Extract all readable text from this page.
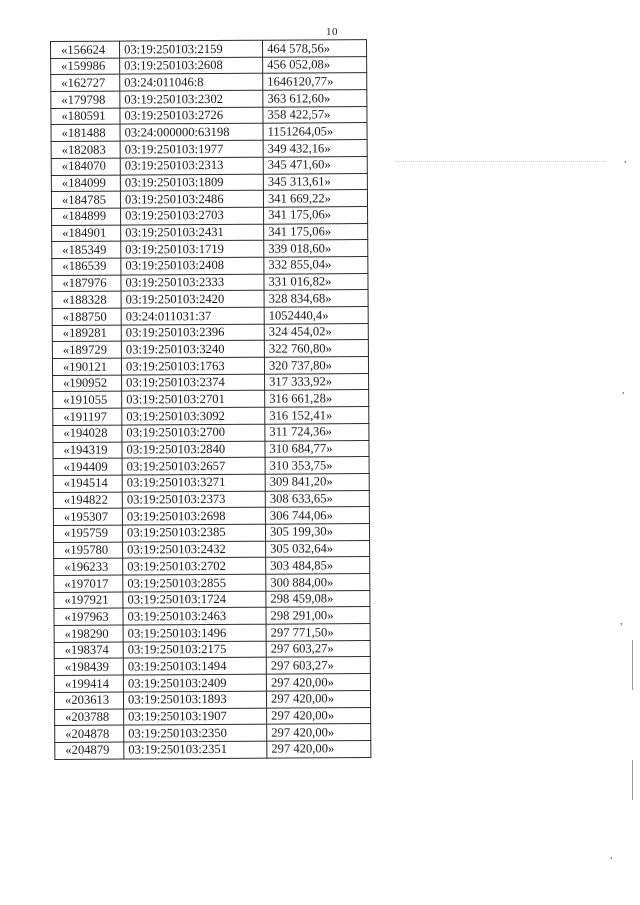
10
«156624	03:19:250103:2159	464 578,56»
«159986	03:19:250103:2608	456 052,08»
«162727	03:24:011046:8	1646120,77»
«179798	03:19:250103:2302	363 612,60»
«180591	03:19:250103:2726	358 422,57»
«181488	03:24:000000:63198	1151264,05»
«182083	03:19:250103:1977	349 432,16»
«184070	03:19:250103:2313	345 471,60»
«184099	03:19:250103:1809	345 313,61»
«184785	03:19:250103:2486	341 669,22»
«184899	03:19:250103:2703	341 175,06»
«184901	03:19:250103:2431	341 175,06»
«185349	03:19:250103:1719	339 018,60»
«186539	03:19:250103:2408	332 855,04»
«187976	03:19:250103:2333	331 016,82»
«188328	03:19:250103:2420	328 834,68»
«188750	03:24:011031:37	1052440,4»
«189281	03:19:250103:2396	324 454,02»
«189729	03:19:250103:3240	322 760,80»
«190121	03:19:250103:1763	320 737,80»
«190952	03:19:250103:2374	317 333,92»
«191055	03:19:250103:2701	316 661,28»
«191197	03:19:250103:3092	316 152,41»
«194028	03:19:250103:2700	311 724,36»
«194319	03:19:250103:2840	310 684,77»
«194409	03:19:250103:2657	310 353,75»
«194514	03:19:250103:3271	309 841,20»
«194822	03:19:250103:2373	308 633,65»
«195307	03:19:250103:2698	306 744,06»
«195759	03:19:250103:2385	305 199,30»
«195780	03:19:250103:2432	305 032,64»
«196233	03:19:250103:2702	303 484,85»
«197017	03:19:250103:2855	300 884,00»
«197921	03:19:250103:1724	298 459,08»
«197963	03:19:250103:2463	298 291,00»
«198290	03:19:250103:1496	297 771,50»
«198374	03:19:250103:2175	297 603,27»
«198439	03:19:250103:1494	297 603,27»
«199414	03:19:250103:2409	297 420,00»
«203613	03:19:250103:1893	297 420,00»
«203788	03:19:250103:1907	297 420,00»
«204878	03:19:250103:2350	297 420,00»
«204879	03:19:250103:2351	297 420,00»
,
,
,
,
